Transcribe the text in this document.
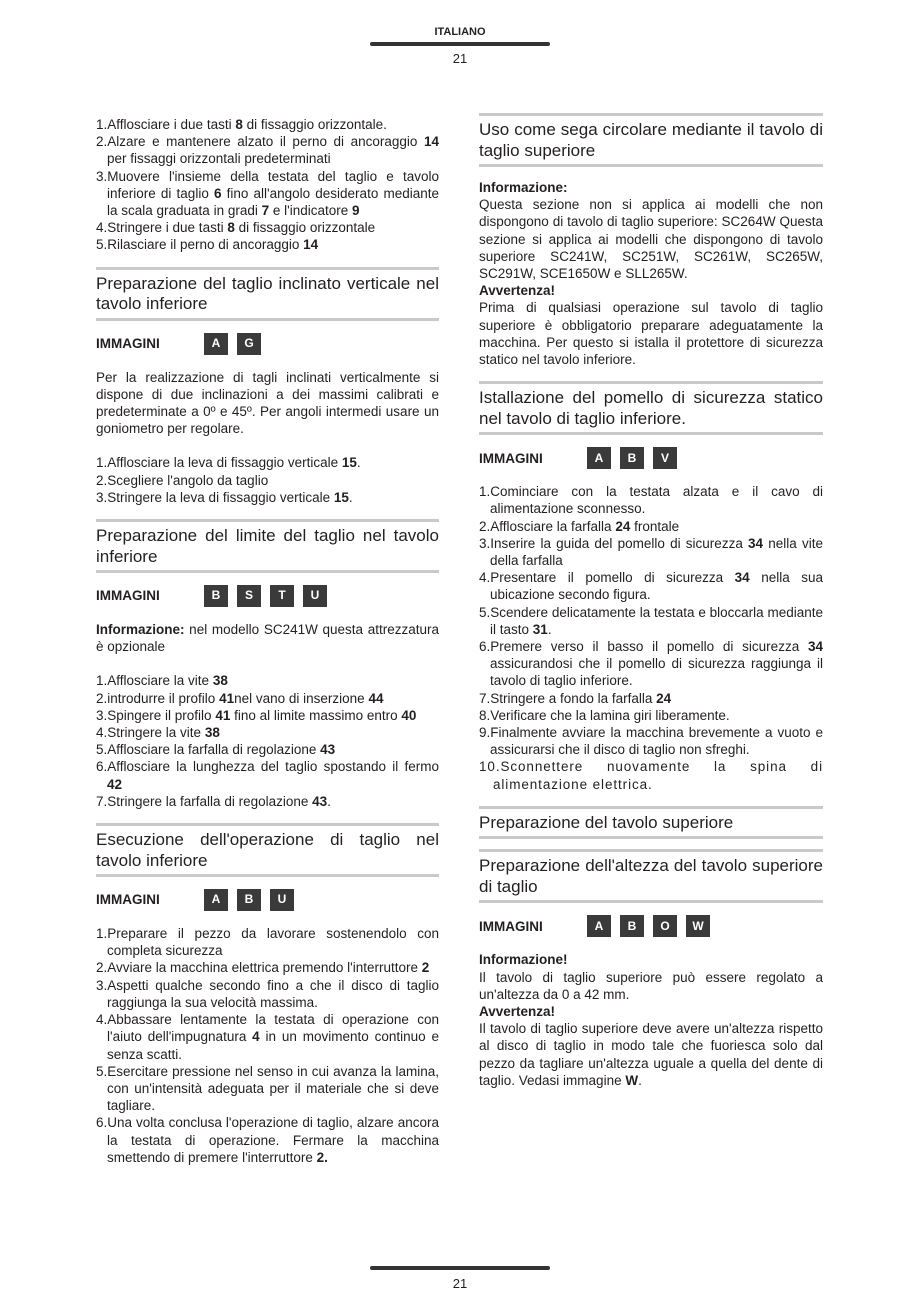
ITALIANO
21
1.Afflosciare i due tasti 8 di fissaggio orizzontale.
2.Alzare e mantenere alzato il perno di ancoraggio 14 per fissaggi orizzontali predeterminati
3.Muovere l'insieme della testata del taglio e tavolo inferiore di taglio 6 fino all'angolo desiderato mediante la scala graduata in gradi 7 e l'indicatore 9
4.Stringere i due tasti 8 di fissaggio orizzontale
5.Rilasciare il perno di ancoraggio 14
Preparazione del taglio inclinato verticale nel tavolo inferiore
IMMAGINI	A	G

Per la realizzazione di tagli inclinati verticalmente si dispone di due inclinazioni a dei massimi calibrati e predeterminate a 0º e 45º. Per angoli intermedi usare un goniometro per regolare.

1.Afflosciare la leva di fissaggio verticale 15.
2.Scegliere l'angolo da taglio
3.Stringere la leva di fissaggio verticale 15.
Preparazione del limite del taglio nel tavolo inferiore
IMMAGINI	B	S	T	U

Informazione: nel modello SC241W questa attrezzatura è opzionale

1.Afflosciare la vite 38
2.introdurre il profilo 41nel vano di inserzione 44
3.Spingere il profilo 41 fino al limite massimo entro 40
4.Stringere la vite 38
5.Afflosciare la farfalla di regolazione 43
6.Afflosciare la lunghezza del taglio spostando il fermo 42
7.Stringere la farfalla di regolazione 43.
Esecuzione dell'operazione di taglio nel tavolo inferiore
IMMAGINI	A	B	U
1.Preparare il pezzo da lavorare sostenendolo con completa sicurezza
2.Avviare la macchina elettrica premendo l'interruttore 2
3.Aspetti qualche secondo fino a che il disco di taglio raggiunga la sua velocità massima.
4.Abbassare lentamente la testata di operazione con l'aiuto dell'impugnatura 4 in un movimento continuo e senza scatti.
5.Esercitare pressione nel senso in cui avanza la lamina, con un'intensità adeguata per il materiale che si deve tagliare.
6.Una volta conclusa l'operazione di taglio, alzare ancora la testata di operazione. Fermare la macchina smettendo di premere l'interruttore 2.
Uso come sega circolare mediante il tavolo di taglio superiore

Informazione:

Questa sezione non si applica ai modelli che non dispongono di tavolo di taglio superiore: SC264W Questa sezione si applica ai modelli che dispongono di tavolo superiore SC241W, SC251W, SC261W, SC265W, SC291W, SCE1650W e SLL265W.

Avvertenza!

Prima di qualsiasi operazione sul tavolo di taglio superiore è obbligatorio preparare adeguatamente la macchina. Per questo si istalla il protettore di sicurezza statico nel tavolo inferiore.

Istallazione del pomello di sicurezza statico nel tavolo di taglio inferiore.
IMMAGINI	A	B	V
1.Cominciare con la testata alzata e il cavo di alimentazione sconnesso.
2.Afflosciare la farfalla 24 frontale
3.Inserire la guida del pomello di sicurezza 34 nella vite della farfalla
4.Presentare il pomello di sicurezza 34 nella sua ubicazione secondo figura.
5.Scendere delicatamente la testata e bloccarla mediante il tasto 31.
6.Premere verso il basso il pomello di sicurezza 34 assicurandosi che il pomello di sicurezza raggiunga il tavolo di taglio inferiore.
7.Stringere a fondo la farfalla 24
8.Verificare che la lamina giri liberamente.
9.Finalmente avviare la macchina brevemente a vuoto e assicurarsi che il disco di taglio non sfreghi.
10.Sconnettere nuovamente la spina di alimentazione elettrica.
Preparazione del tavolo superiore
Preparazione dell'altezza del tavolo superiore di taglio
IMMAGINI	A	B	O	W

Informazione!

Il tavolo di taglio superiore può essere regolato a un'altezza da 0 a 42 mm.

Avvertenza!

Il tavolo di taglio superiore deve avere un'altezza rispetto al disco di taglio in modo tale che fuoriesca solo dal pezzo da tagliare un'altezza uguale a quella del dente di taglio. Vedasi immagine W.

21
